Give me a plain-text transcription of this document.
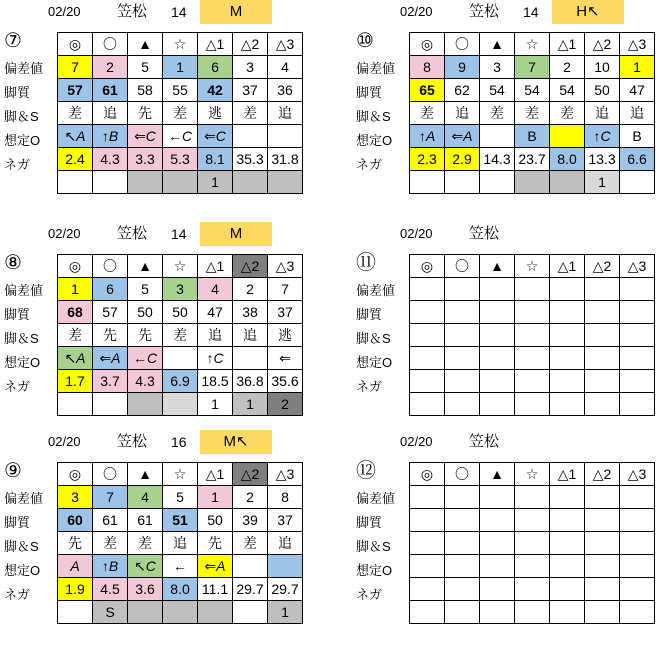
02/20 笠松 14	M
⑦
偏差値
脚質
脚＆S
想定O
ネガ
◎	〇	▲	☆	△1	△2	△3
7	2	5	1	6	3	4
57	61	58	55	42	37	36
差	追	先	差	逃	差	追
↖A	↑B	⇐C	←C	⇐C		
2.4	4.3	3.3	5.3	8.1	35.3	31.8
				1		
02/20 笠松 14	H↖
⑩
偏差値
脚質
脚＆S
想定O
ネガ
◎	〇	▲	☆	△1	△2	△3
8	9	3	7	2	10	1
65	62	54	54	54	50	47
差	追	差	差	差	追	追
↑A	⇐A		B		↑C	B
2.3	2.9	14.3	23.7	8.0	13.3	6.6
					1	
02/20 笠松 14	M
⑧
偏差値
脚質
脚＆S
想定O
ネガ
◎	〇	▲	☆	△1	△2	△3
1	6	5	3	4	2	7
68	57	50	50	47	38	37
差	先	先	差	追	追	逃
↖A	⇐A	←C		↑C		⇐
1.7	3.7	4.3	6.9	18.5	36.8	35.6
				1	1	2
02/20 笠松
⑪
偏差値
脚質
脚＆S
想定O
ネガ
◎	〇	▲	☆	△1	△2	△3

02/20 笠松 16	M↖
⑨
偏差値
脚質
脚＆S
想定O
ネガ
◎	〇	▲	☆	△1	△2	△3
3	7	4	5	1	2	8
60	61	61	51	50	39	37
先	差	差	追	先	差	追
A	↑B	↖C	←	⇐A		
1.9	4.5	3.6	8.0	11.1	29.7	29.7
	S					1
02/20 笠松
⑫
偏差値
脚質
脚＆S
想定O
ネガ
◎	〇	▲	☆	△1	△2	△3
